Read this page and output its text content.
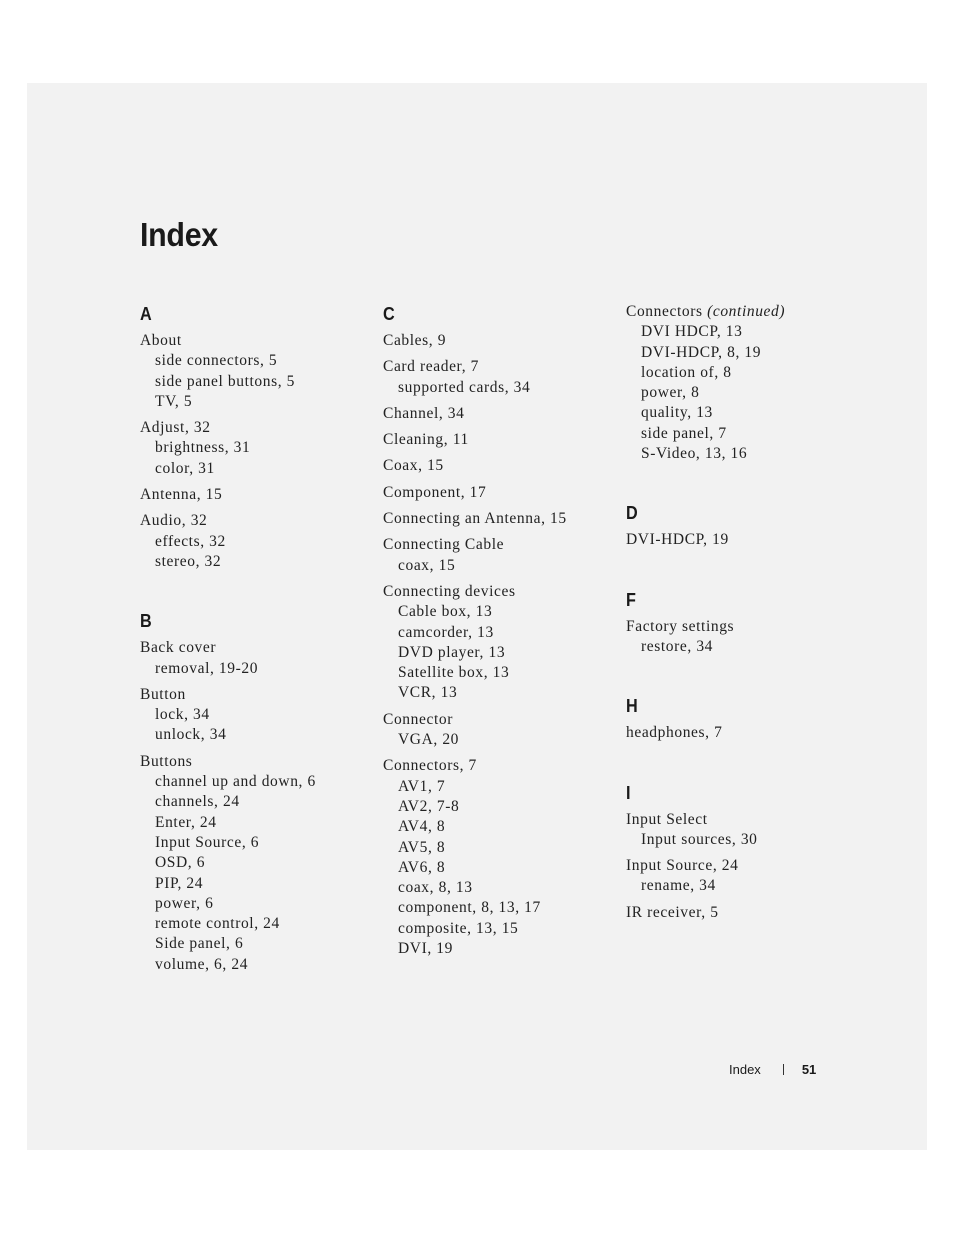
Index
A
About
side connectors, 5
side panel buttons, 5
TV, 5
Adjust, 32
brightness, 31
color, 31
Antenna, 15
Audio, 32
effects, 32
stereo, 32
B
Back cover
removal, 19-20
Button
lock, 34
unlock, 34
Buttons
channel up and down, 6
channels, 24
Enter, 24
Input Source, 6
OSD, 6
PIP, 24
power, 6
remote control, 24
Side panel, 6
volume, 6, 24
C
Cables, 9
Card reader, 7
supported cards, 34
Channel, 34
Cleaning, 11
Coax, 15
Component, 17
Connecting an Antenna, 15
Connecting Cable
coax, 15
Connecting devices
Cable box, 13
camcorder, 13
DVD player, 13
Satellite box, 13
VCR, 13
Connector
VGA, 20
Connectors, 7
AV1, 7
AV2, 7-8
AV4, 8
AV5, 8
AV6, 8
coax, 8, 13
component, 8, 13, 17
composite, 13, 15
DVI, 19
Connectors (continued)
DVI HDCP, 13
DVI-HDCP, 8, 19
location of, 8
power, 8
quality, 13
side panel, 7
S-Video, 13, 16
D
DVI-HDCP, 19
F
Factory settings
restore, 34
H
headphones, 7
I
Input Select
Input sources, 30
Input Source, 24
rename, 34
IR receiver, 5
Index	51
